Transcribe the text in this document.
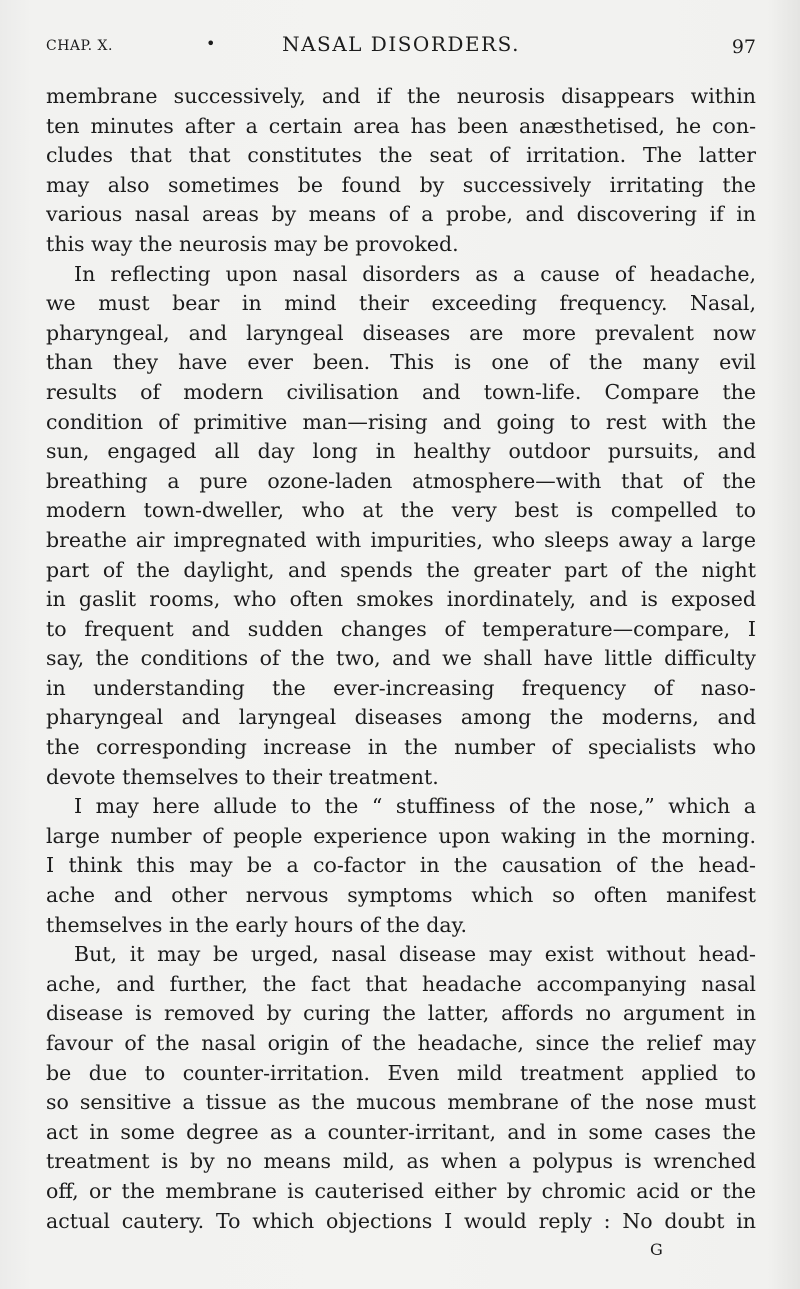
CHAP. X.	•	NASAL DISORDERS.	97
membrane successively, and if the neurosis disappears within
ten minutes after a certain area has been anæsthetised, he con-
cludes that that constitutes the seat of irritation. The latter
may also sometimes be found by successively irritating the
various nasal areas by means of a probe, and discovering if in
this way the neurosis may be provoked.
In reflecting upon nasal disorders as a cause of headache,
we must bear in mind their exceeding frequency. Nasal,
pharyngeal, and laryngeal diseases are more prevalent now
than they have ever been. This is one of the many evil
results of modern civilisation and town-life. Compare the
condition of primitive man—rising and going to rest with the
sun, engaged all day long in healthy outdoor pursuits, and
breathing a pure ozone-laden atmosphere—with that of the
modern town-dweller, who at the very best is compelled to
breathe air impregnated with impurities, who sleeps away a large
part of the daylight, and spends the greater part of the night
in gaslit rooms, who often smokes inordinately, and is exposed
to frequent and sudden changes of temperature—compare, I
say, the conditions of the two, and we shall have little difficulty
in understanding the ever-increasing frequency of naso-
pharyngeal and laryngeal diseases among the moderns, and
the corresponding increase in the number of specialists who
devote themselves to their treatment.
I may here allude to the “ stuffiness of the nose,” which a
large number of people experience upon waking in the morning.
I think this may be a co-factor in the causation of the head-
ache and other nervous symptoms which so often manifest
themselves in the early hours of the day.
But, it may be urged, nasal disease may exist without head-
ache, and further, the fact that headache accompanying nasal
disease is removed by curing the latter, affords no argument in
favour of the nasal origin of the headache, since the relief may
be due to counter-irritation. Even mild treatment applied to
so sensitive a tissue as the mucous membrane of the nose must
act in some degree as a counter-irritant, and in some cases the
treatment is by no means mild, as when a polypus is wrenched
off, or the membrane is cauterised either by chromic acid or the
actual cautery. To which objections I would reply : No doubt in
G
